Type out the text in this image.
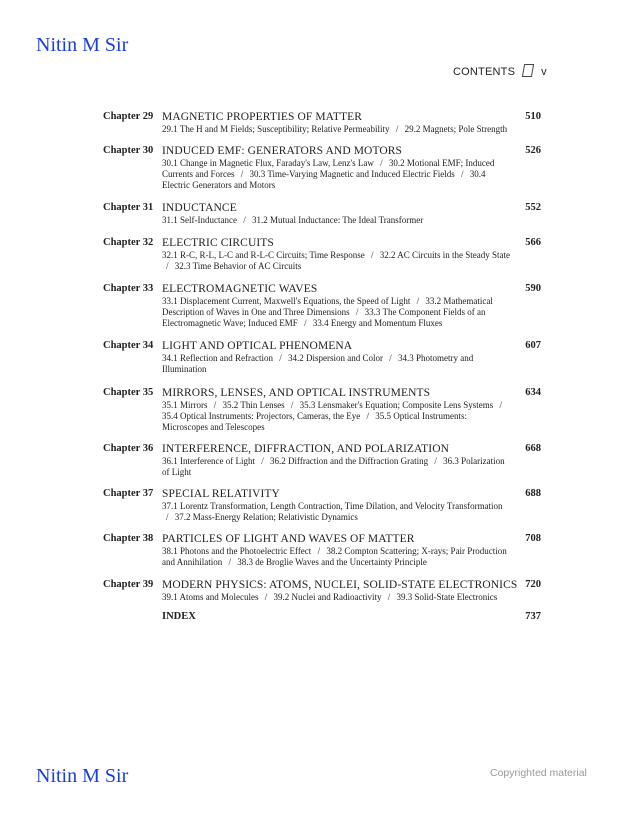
Nitin M Sir
CONTENTS v
Chapter 29 MAGNETIC PROPERTIES OF MATTER	510
29.1 The H and M Fields; Susceptibility; Relative Permeability / 29.2 Magnets; Pole Strength
Chapter 30 INDUCED EMF: GENERATORS AND MOTORS	526
30.1 Change in Magnetic Flux, Faraday's Law, Lenz's Law / 30.2 Motional EMF; Induced Currents and Forces / 30.3 Time-Varying Magnetic and Induced Electric Fields / 30.4 Electric Generators and Motors
Chapter 31 INDUCTANCE	552
31.1 Self-Inductance / 31.2 Mutual Inductance: The Ideal Transformer
Chapter 32 ELECTRIC CIRCUITS	566
32.1 R-C, R-L, L-C and R-L-C Circuits; Time Response / 32.2 AC Circuits in the Steady State / 32.3 Time Behavior of AC Circuits
Chapter 33 ELECTROMAGNETIC WAVES	590
33.1 Displacement Current, Maxwell's Equations, the Speed of Light / 33.2 Mathematical Description of Waves in One and Three Dimensions / 33.3 The Component Fields of an Electromagnetic Wave; Induced EMF / 33.4 Energy and Momentum Fluxes
Chapter 34 LIGHT AND OPTICAL PHENOMENA	607
34.1 Reflection and Refraction / 34.2 Dispersion and Color / 34.3 Photometry and Illumination
Chapter 35 MIRRORS, LENSES, AND OPTICAL INSTRUMENTS	634
35.1 Mirrors / 35.2 Thin Lenses / 35.3 Lensmaker's Equation; Composite Lens Systems / 35.4 Optical Instruments: Projectors, Cameras, the Eye / 35.5 Optical Instruments: Microscopes and Telescopes
Chapter 36 INTERFERENCE, DIFFRACTION, AND POLARIZATION	668
36.1 Interference of Light / 36.2 Diffraction and the Diffraction Grating / 36.3 Polarization of Light
Chapter 37 SPECIAL RELATIVITY	688
37.1 Lorentz Transformation, Length Contraction, Time Dilation, and Velocity Transformation / 37.2 Mass-Energy Relation; Relativistic Dynamics
Chapter 38 PARTICLES OF LIGHT AND WAVES OF MATTER	708
38.1 Photons and the Photoelectric Effect / 38.2 Compton Scattering; X-rays; Pair Production and Annihilation / 38.3 de Broglie Waves and the Uncertainty Principle
Chapter 39 MODERN PHYSICS: ATOMS, NUCLEI, SOLID-STATE ELECTRONICS 720
39.1 Atoms and Molecules / 39.2 Nuclei and Radioactivity / 39.3 Solid-State Electronics
INDEX	737
Nitin M Sir	Copyrighted material
